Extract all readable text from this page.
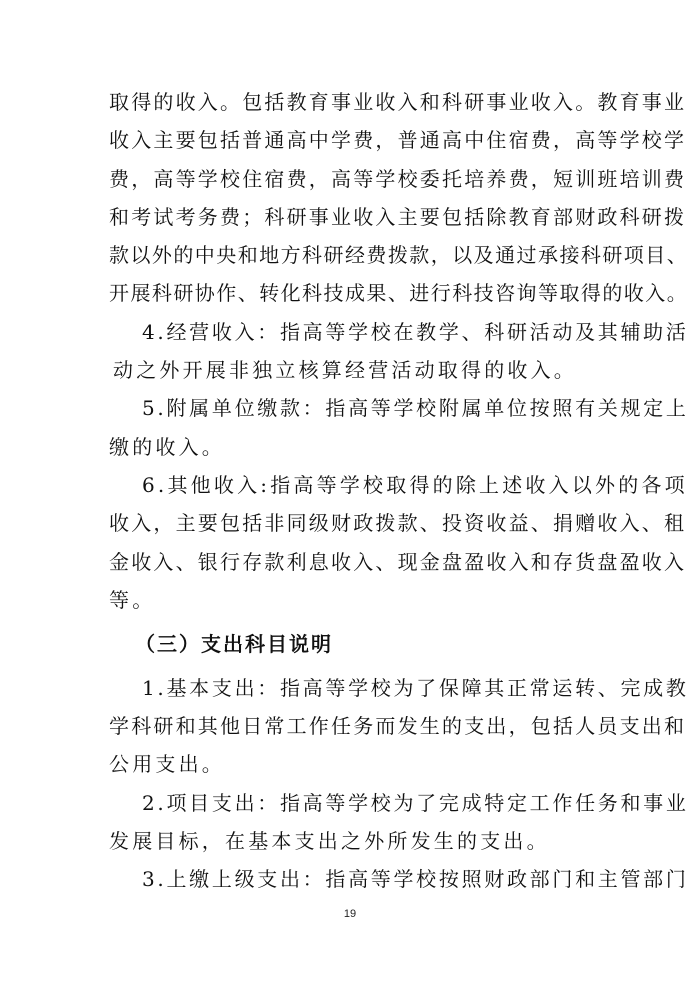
取得的收入。包括教育事业收入和科研事业收入。教育事业
收入主要包括普通高中学费，普通高中住宿费，高等学校学
费，高等学校住宿费，高等学校委托培养费，短训班培训费
和考试考务费；科研事业收入主要包括除教育部财政科研拨
款以外的中央和地方科研经费拨款，以及通过承接科研项目、
开展科研协作、转化科技成果、进行科技咨询等取得的收入。
4.经营收入：指高等学校在教学、科研活动及其辅助活
动之外开展非独立核算经营活动取得的收入。
5.附属单位缴款：指高等学校附属单位按照有关规定上
缴的收入。
6.其他收入:指高等学校取得的除上述收入以外的各项
收入，主要包括非同级财政拨款、投资收益、捐赠收入、租
金收入、银行存款利息收入、现金盘盈收入和存货盘盈收入
等。
（三）支出科目说明
1.基本支出：指高等学校为了保障其正常运转、完成教
学科研和其他日常工作任务而发生的支出，包括人员支出和
公用支出。
2.项目支出：指高等学校为了完成特定工作任务和事业
发展目标，在基本支出之外所发生的支出。
3.上缴上级支出：指高等学校按照财政部门和主管部门
19
